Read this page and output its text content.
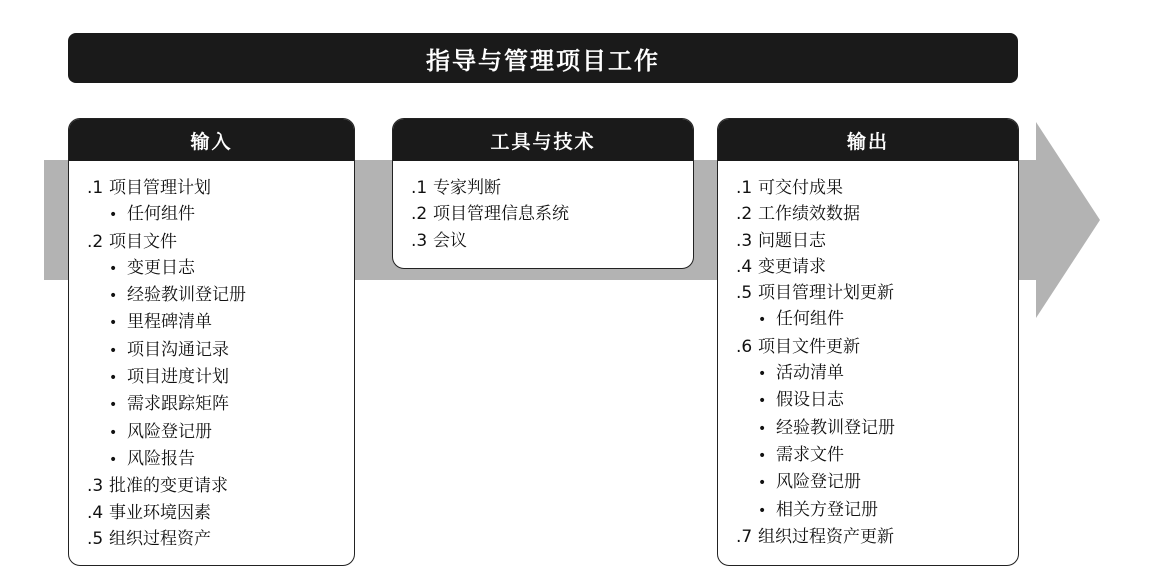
指导与管理项目工作
输入
.1 项目管理计划
• 任何组件
.2 项目文件
• 变更日志
• 经验教训登记册
• 里程碑清单
• 项目沟通记录
• 项目进度计划
• 需求跟踪矩阵
• 风险登记册
• 风险报告
.3 批准的变更请求
.4 事业环境因素
.5 组织过程资产
工具与技术
.1 专家判断
.2 项目管理信息系统
.3 会议
输出
.1 可交付成果
.2 工作绩效数据
.3 问题日志
.4 变更请求
.5 项目管理计划更新
• 任何组件
.6 项目文件更新
• 活动清单
• 假设日志
• 经验教训登记册
• 需求文件
• 风险登记册
• 相关方登记册
.7 组织过程资产更新
